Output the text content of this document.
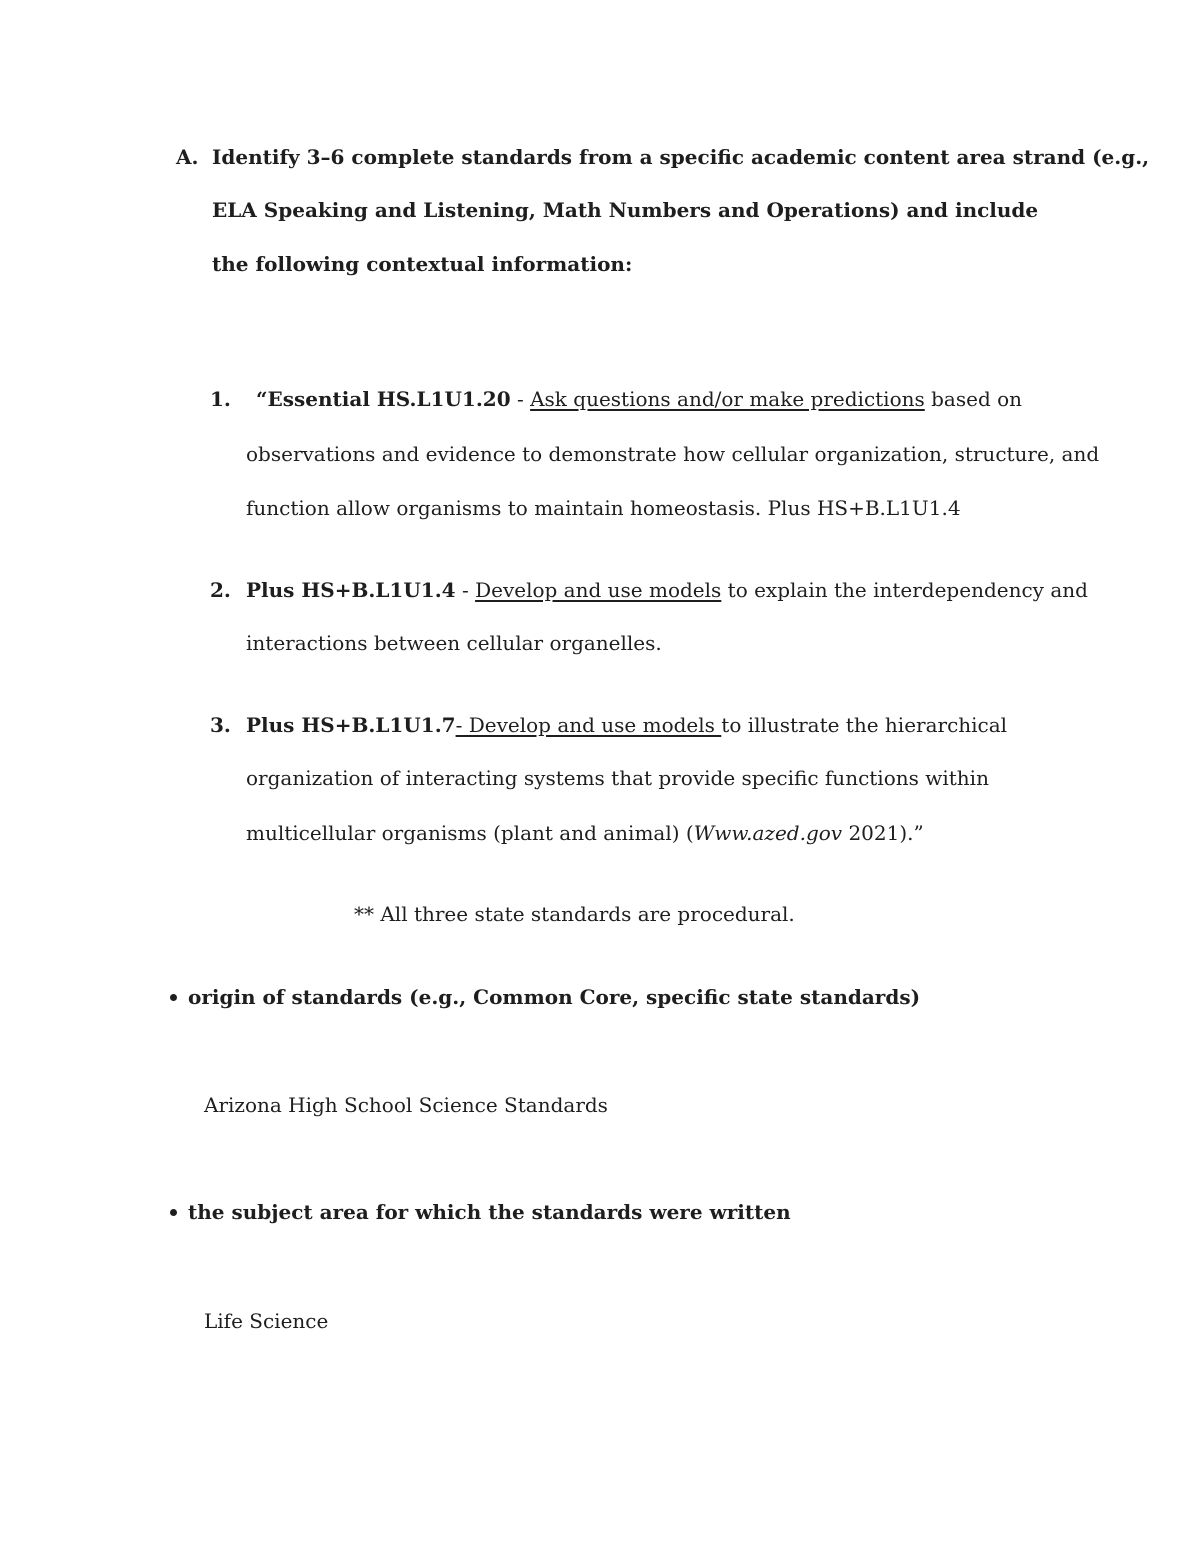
A. Identify 3–6 complete standards from a specific academic content area strand (e.g.,
ELA Speaking and Listening, Math Numbers and Operations) and include
the following contextual information:
1. “Essential HS.L1U1.20 - Ask questions and/or make predictions based on
observations and evidence to demonstrate how cellular organization, structure, and
function allow organisms to maintain homeostasis. Plus HS+B.L1U1.4
2. Plus HS+B.L1U1.4 - Develop and use models to explain the interdependency and
interactions between cellular organelles.
3. Plus HS+B.L1U1.7- Develop and use models to illustrate the hierarchical
organization of interacting systems that provide specific functions within
multicellular organisms (plant and animal) (Www.azed.gov 2021).”
** All three state standards are procedural.
origin of standards (e.g., Common Core, specific state standards)
Arizona High School Science Standards
the subject area for which the standards were written
Life Science
